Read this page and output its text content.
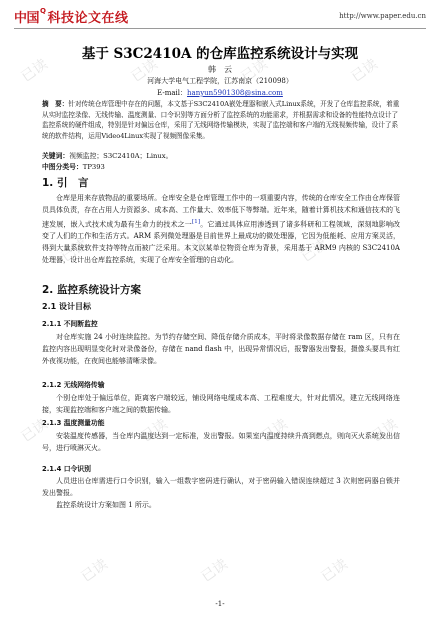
已读	已读	已读	已读
已读	已读	已读
已读	已读	已读	已读
已读	已读	已读
中国$^Q$ 科技论文在线	http://www.paper.edu.cn
基于 S3C2410A 的仓库监控系统设计与实现
韩　云
河海大学电气工程学院，江苏南京（210098）
E-mail：hanyun5901308@sina.com
摘　要：针对传统仓库管理中存在的问题，本文基于S3C2410A嵌处理器和嵌入式Linux系统，开发了仓库监控系统，着重从实时监控录像、无线传输、温度测量、口令识别等方面分析了监控系统的功能需求，并根据需求和设备的性能特点设计了监控系统的硬件组成，特别是针对偏远仓库，采用了无线网络传输模块，实现了监控端和客户端的无线视频传输，设计了系统的软件结构，运用Video4Linux实现了视频图像采集。
关键词：视频监控；S3C2410A；Linux。
中图分类号：TP393
1. 引　言

仓库是用来存放物品的重要场所。仓库安全是仓库管理工作中的一项重要内容，传统的仓库安全工作由仓库保管员具体负责，存在占用人力资源多、成本高、工作量大、效率低下等弊端。近年来，随着计算机技术和通信技术的飞速发展，嵌入式技术成为最有生命力的技术之一[1]。它通过具体应用渗透到了诸多科研和工程领域，深刻地影响改变了人们的工作和生活方式。ARM 系列微处理器是目前世界上最成功的微处理器，它因为低能耗、应用方案灵活，得到大量系统软件支持等特点而被广泛采用。本文以某单位物资仓库为背景，采用基于 ARM9 内核的 S3C2410A 处理器，设计出仓库监控系统，实现了仓库安全管理的自动化。

2. 监控系统设计方案
2.1 设计目标
2.1.1 不间断监控

对仓库实施 24 小时连续监控。为节约存储空间、降低存储介质成本，平时将录像数据存储在 ram 区，只有在监控内容出现明显变化时对录像备份，存储在 nand flash 中，出现异常情况后，报警器发出警报，摄像头要具有红外夜视功能，在夜间也能够清晰录像。

2.1.2 无线网络传输

个别仓库处于偏远单位，距离客户端较远，铺设网络电缆成本高、工程难度大，针对此情况，建立无线网络连接，实现监控端和客户端之间的数据传输。

2.1.3 温度测量功能

安装温度传感器，当仓库内温度达到一定标准，发出警报。如果室内温度持续升高到燃点，则向灭火系统发出信号，进行喷淋灭火。

2.1.4 口令识别

人员进出仓库需进行口令识别，输入一组数字密码进行确认，对于密码输入错误连续超过 3 次则密码器自锁并发出警报。

监控系统设计方案如图 1 所示。

-1-
